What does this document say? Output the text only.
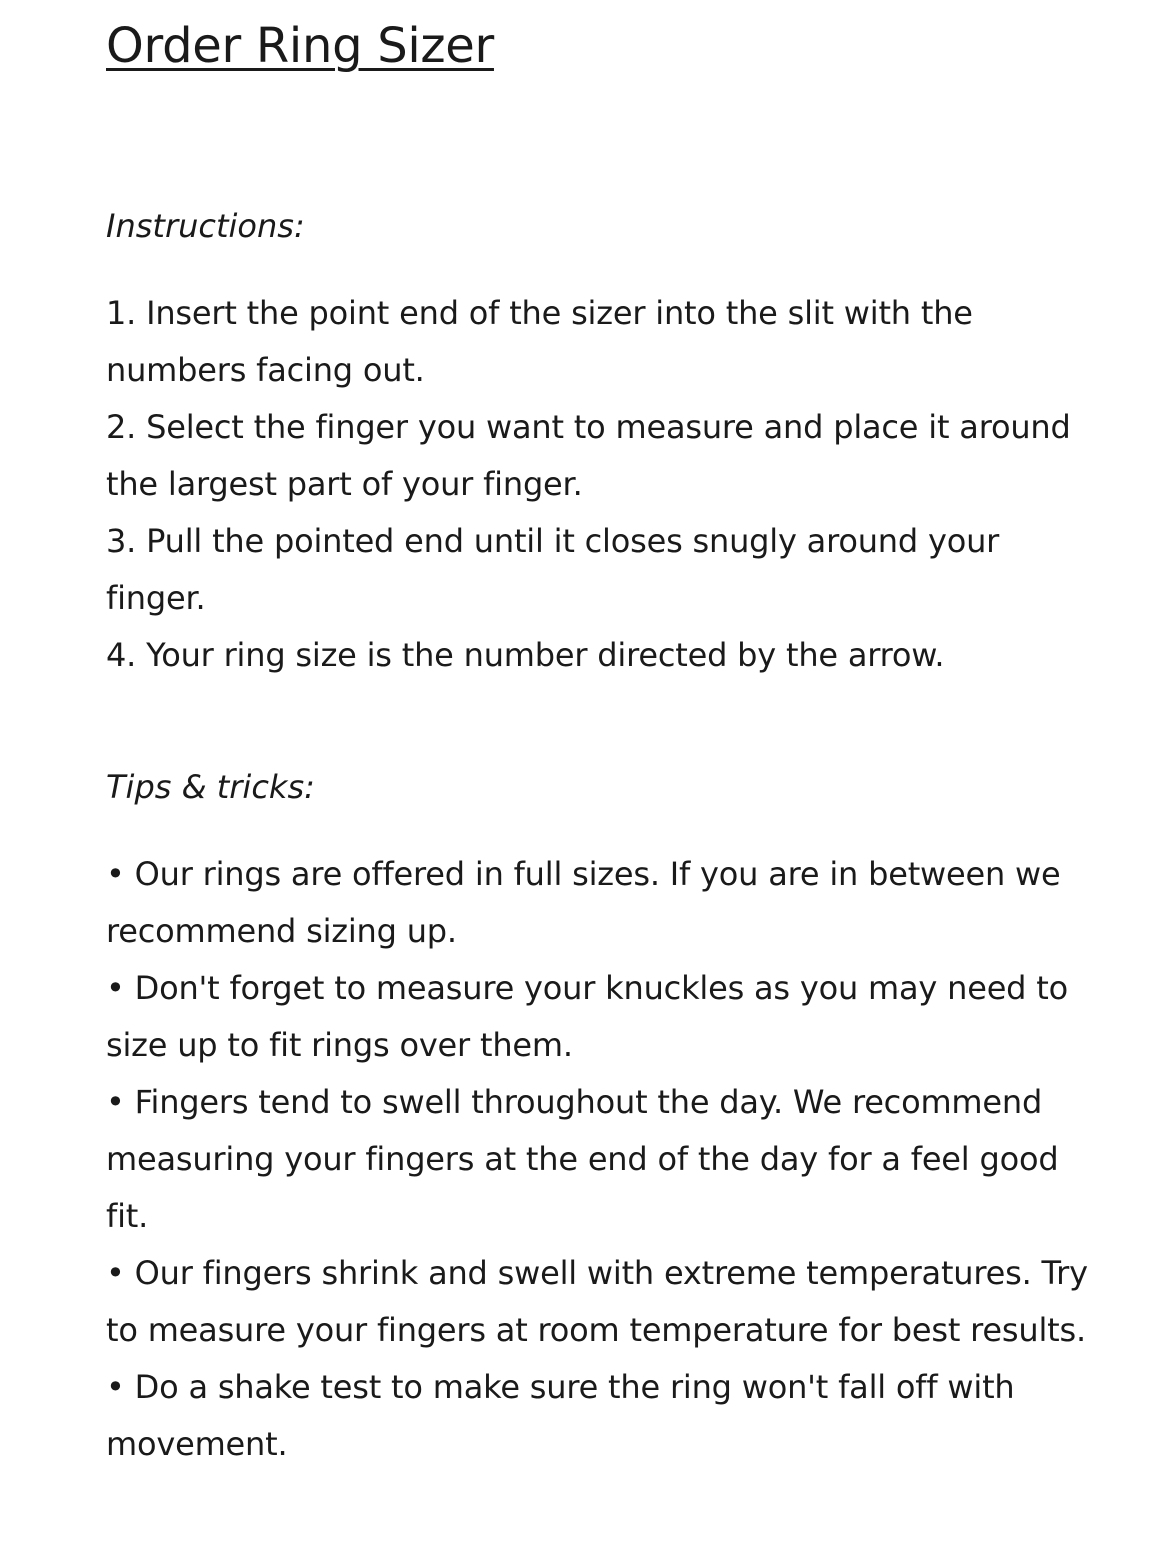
Order Ring Sizer
Instructions:
1. Insert the point end of the sizer into the slit with the numbers facing out.
2. Select the finger you want to measure and place it around the largest part of your finger.
3. Pull the pointed end until it closes snugly around your finger.
4. Your ring size is the number directed by the arrow.
Tips & tricks:
• Our rings are offered in full sizes. If you are in between we recommend sizing up.
• Don't forget to measure your knuckles as you may need to size up to fit rings over them.
• Fingers tend to swell throughout the day. We recommend measuring your fingers at the end of the day for a feel good fit.
• Our fingers shrink and swell with extreme temperatures. Try to measure your fingers at room temperature for best results.
• Do a shake test to make sure the ring won't fall off with movement.
